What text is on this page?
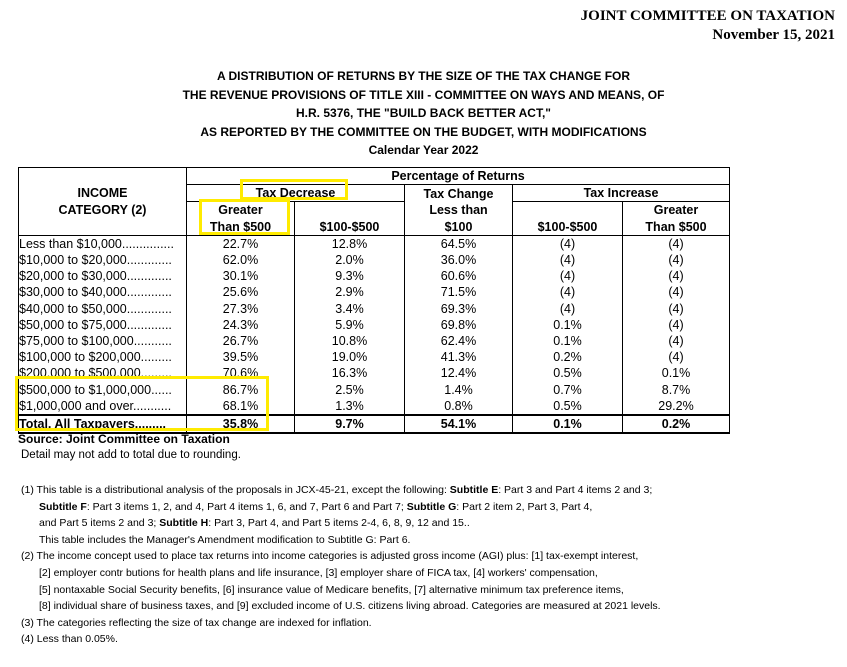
JOINT COMMITTEE ON TAXATION
November 15, 2021
A DISTRIBUTION OF RETURNS BY THE SIZE OF THE TAX CHANGE FOR
THE REVENUE PROVISIONS OF TITLE XIII - COMMITTEE ON WAYS AND MEANS, OF
H.R. 5376, THE "BUILD BACK BETTER ACT,"
AS REPORTED BY THE COMMITTEE ON THE BUDGET, WITH MODIFICATIONS
Calendar Year 2022
	Percentage of Returns				
INCOME	Tax Decrease		Tax Change	Tax Increase	
CATEGORY (2)	Greater		Less than		Greater
	Than $500	$100-$500	$100	$100-$500	Than $500
Less than $10,000...............	22.7%	12.8%	64.5%	(4)	(4)
$10,000 to $20,000.............	62.0%	2.0%	36.0%	(4)	(4)
$20,000 to $30,000.............	30.1%	9.3%	60.6%	(4)	(4)
$30,000 to $40,000.............	25.6%	2.9%	71.5%	(4)	(4)
$40,000 to $50,000.............	27.3%	3.4%	69.3%	(4)	(4)
$50,000 to $75,000.............	24.3%	5.9%	69.8%	0.1%	(4)
$75,000 to $100,000...........	26.7%	10.8%	62.4%	0.1%	(4)
$100,000 to $200,000.........	39.5%	19.0%	41.3%	0.2%	(4)
$200,000 to $500,000.........	70.6%	16.3%	12.4%	0.5%	0.1%
$500,000 to $1,000,000......	86.7%	2.5%	1.4%	0.7%	8.7%
$1,000,000 and over...........	68.1%	1.3%	0.8%	0.5%	29.2%
Total, All Taxpayers.........	35.8%	9.7%	54.1%	0.1%	0.2%
Source: Joint Committee on Taxation
Detail may not add to total due to rounding.
(1) This table is a distributional analysis of the proposals in JCX-45-21, except the following: Subtitle E: Part 3 and Part 4 items 2 and 3;
Subtitle F: Part 3 items 1, 2, and 4, Part 4 items 1, 6, and 7, Part 6 and Part 7; Subtitle G: Part 2 item 2, Part 3, Part 4,
and Part 5 items 2 and 3; Subtitle H: Part 3, Part 4, and Part 5 items 2-4, 6, 8, 9, 12 and 15..
This table includes the Manager's Amendment modification to Subtitle G: Part 6.
(2) The income concept used to place tax returns into income categories is adjusted gross income (AGI) plus: [1] tax-exempt interest,
[2] employer contr butions for health plans and life insurance, [3] employer share of FICA tax, [4] workers' compensation,
[5] nontaxable Social Security benefits, [6] insurance value of Medicare benefits, [7] alternative minimum tax preference items,
[8] individual share of business taxes, and [9] excluded income of U.S. citizens living abroad. Categories are measured at 2021 levels.
(3) The categories reflecting the size of tax change are indexed for inflation.
(4) Less than 0.05%.
